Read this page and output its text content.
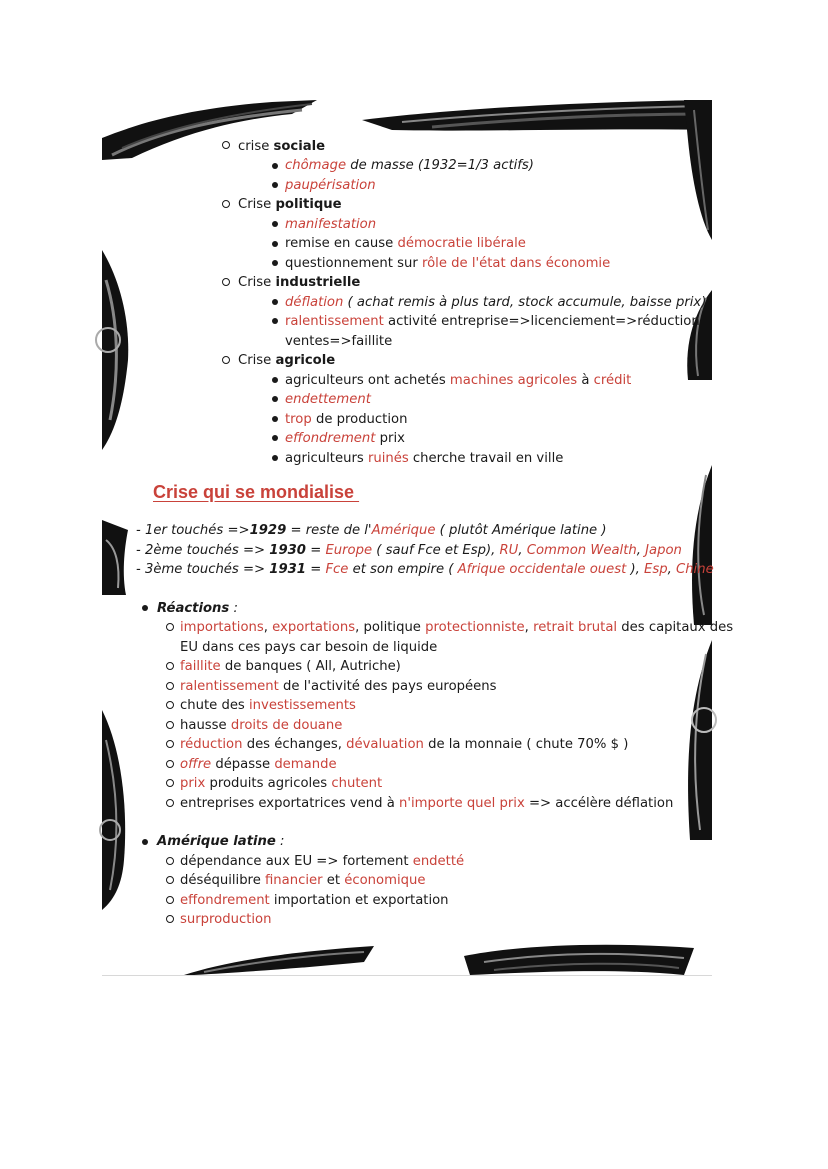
crise sociale
chômage de masse (1932=1/3 actifs)
paupérisation
Crise politique
manifestation
remise en cause démocratie libérale
questionnement sur rôle de l'état dans économie
Crise industrielle
déflation ( achat remis à plus tard, stock accumule, baisse prix)
ralentissement activité entreprise=>licenciement=>réduction
ventes=>faillite
Crise agricole
agriculteurs ont achetés machines agricoles à crédit
endettement
trop de production
effondrement prix
agriculteurs ruinés cherche travail en ville
Crise qui se mondialise
- 1er touchés =>1929 = reste de l'Amérique ( plutôt Amérique latine )
- 2ème touchés => 1930 = Europe ( sauf Fce et Esp), RU, Common Wealth, Japon
- 3ème touchés => 1931 = Fce et son empire ( Afrique occidentale ouest ), Esp, Chine
Réactions :
importations, exportations, politique protectionniste, retrait brutal des capitaux des
EU dans ces pays car besoin de liquide
faillite de banques ( All, Autriche)
ralentissement de l'activité des pays européens
chute des investissements
hausse droits de douane
réduction des échanges, dévaluation de la monnaie ( chute 70% $ )
offre dépasse demande
prix produits agricoles chutent
entreprises exportatrices vend à n'importe quel prix => accélère déflation
Amérique latine :
dépendance aux EU => fortement endetté
déséquilibre financier et économique
effondrement importation et exportation
surproduction
